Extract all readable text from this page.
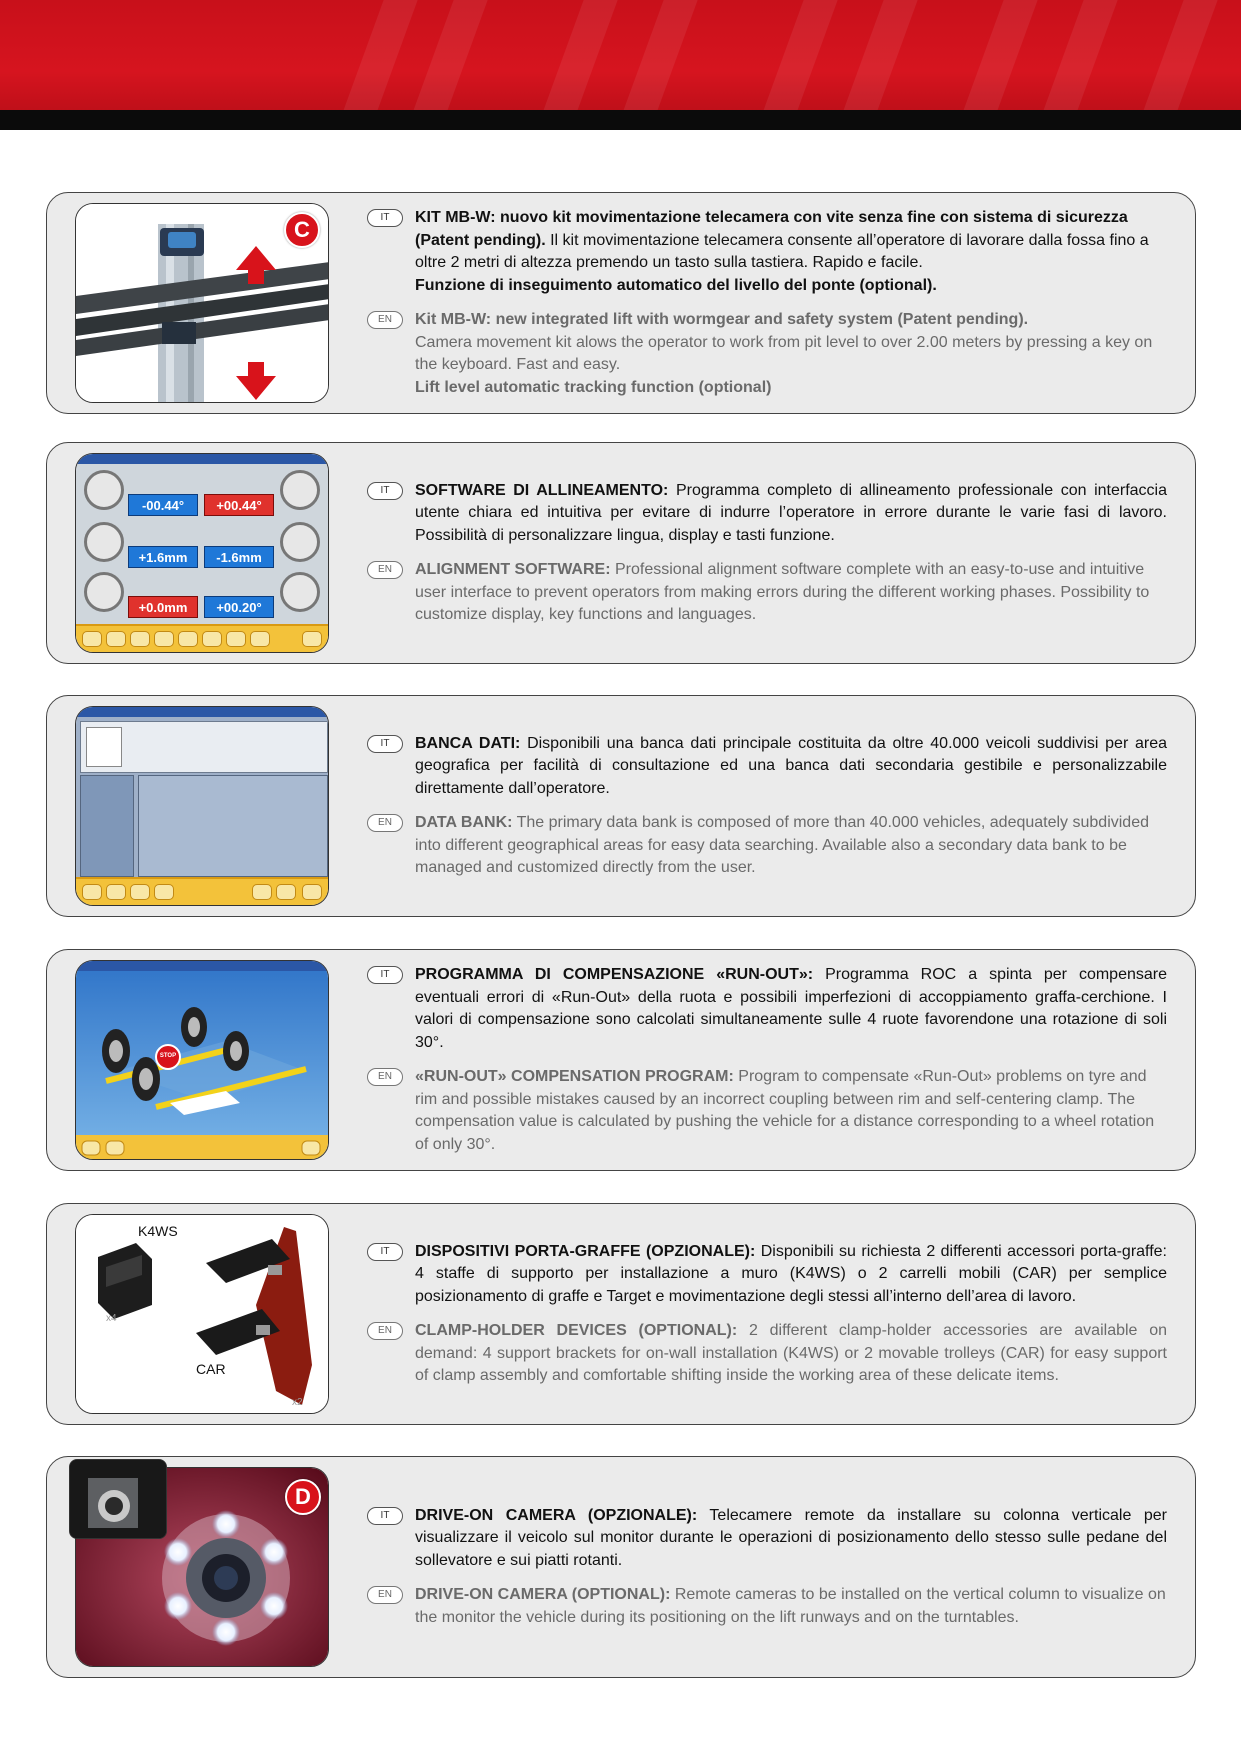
C	IT	KIT MB-W: nuovo kit movimentazione telecamera con vite senza fine con sistema di sicurezza (Patent pending). Il kit movimentazione telecamera consente all’operatore di lavorare dalla fossa fino a oltre 2 metri di altezza premendo un tasto sulla tastiera. Rapido e facile.
Funzione di inseguimento automatico del livello del ponte (optional).
EN	Kit MB-W: new integrated lift with wormgear and safety system (Patent pending).
Camera movement kit alows the operator to work from pit level to over 2.00 meters by pressing a key on the keyboard. Fast and easy.
Lift level automatic tracking function (optional)
-00.44°	+00.44°
+1.6mm	-1.6mm
+0.0mm	+00.20°
IT	SOFTWARE DI ALLINEAMENTO: Programma completo di allineamento professionale con interfaccia utente chiara ed intuitiva per evitare di indurre l’operatore in errore durante le varie fasi di lavoro. Possibilità di personalizzare lingua, display e tasti funzione.
EN	ALIGNMENT SOFTWARE: Professional alignment software complete with an easy-to-use and intuitive user interface to prevent operators from making errors during the different working phases. Possibility to customize display, key functions and languages.
IT	BANCA DATI: Disponibili una banca dati principale costituita da oltre 40.000 veicoli suddivisi per area geografica per facilità di consultazione ed una banca dati secondaria gestibile e personalizzabile direttamente dall’operatore.
EN	DATA BANK: The primary data bank is composed of more than 40.000 vehicles, adequately subdivided into different geographical areas for easy data searching. Available also a secondary data bank to be managed and customized directly from the user.
STOP
IT	PROGRAMMA DI COMPENSAZIONE «RUN-OUT»: Programma ROC a spinta per compensare eventuali errori di «Run-Out» della ruota e possibili imperfezioni di accoppiamento graffa-cerchione. I valori di compensazione sono calcolati simultaneamente sulle 4 ruote favorendone una rotazione di soli 30°.
EN	«RUN-OUT» COMPENSATION PROGRAM: Program to compensate «Run-Out» problems on tyre and rim and possible mistakes caused by an incorrect coupling between rim and self-centering clamp. The compensation value is calculated by pushing the vehicle for a distance corresponding to a wheel rotation of only 30°.
K4WS
x4
CAR
x2
IT	DISPOSITIVI PORTA-GRAFFE (OPZIONALE): Disponibili su richiesta 2 differenti accessori porta-graffe: 4 staffe di supporto per installazione a muro (K4WS) o 2 carrelli mobili (CAR) per semplice posizionamento di graffe e Target e movimentazione degli stessi all’interno dell’area di lavoro.
EN	CLAMP-HOLDER DEVICES (OPTIONAL): 2 different clamp-holder accessories are available on demand: 4 support brackets for on-wall installation (K4WS) or 2 movable trolleys (CAR) for easy support of clamp assembly and comfortable shifting inside the working area of these delicate items.
D
IT	DRIVE-ON CAMERA (OPZIONALE): Telecamere remote da installare su colonna verticale per visualizzare il veicolo sul monitor durante le operazioni di posizionamento dello stesso sulle pedane del sollevatore e sui piatti rotanti.
EN	DRIVE-ON CAMERA (OPTIONAL): Remote cameras to be installed on the vertical column to visualize on the monitor the vehicle during its positioning on the lift runways and on the turntables.
